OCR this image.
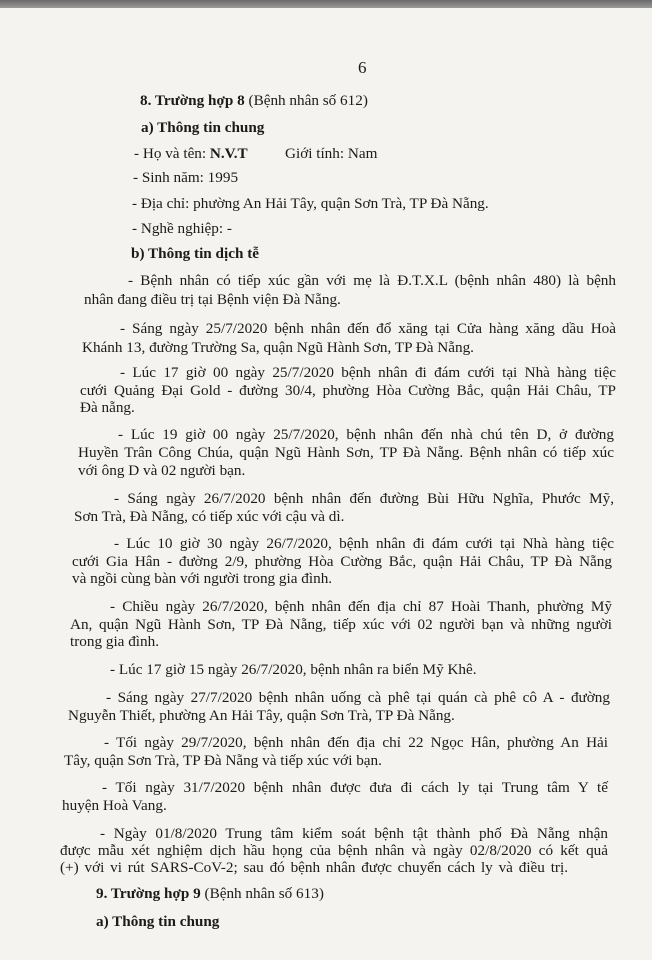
6
8. Trường hợp 8 (Bệnh nhân số 612)
a) Thông tin chung
- Họ và tên: N.V.T Giới tính: Nam
- Sinh năm: 1995
- Địa chỉ: phường An Hải Tây, quận Sơn Trà, TP Đà Nẵng.
- Nghề nghiệp: -
b) Thông tin dịch tễ
- Bệnh nhân có tiếp xúc gần với mẹ là Đ.T.X.L (bệnh nhân 480) là bệnh
nhân đang điều trị tại Bệnh viện Đà Nẵng.
- Sáng ngày 25/7/2020 bệnh nhân đến đổ xăng tại Cửa hàng xăng dầu Hoà
Khánh 13, đường Trường Sa, quận Ngũ Hành Sơn, TP Đà Nẵng.
- Lúc 17 giờ 00 ngày 25/7/2020 bệnh nhân đi đám cưới tại Nhà hàng tiệc
cưới Quảng Đại Gold - đường 30/4, phường Hòa Cường Bắc, quận Hải Châu, TP
Đà nẵng.
- Lúc 19 giờ 00 ngày 25/7/2020, bệnh nhân đến nhà chú tên D, ở đường
Huyền Trân Công Chúa, quận Ngũ Hành Sơn, TP Đà Nẵng. Bệnh nhân có tiếp xúc
với ông D và 02 người bạn.
- Sáng ngày 26/7/2020 bệnh nhân đến đường Bùi Hữu Nghĩa, Phước Mỹ,
Sơn Trà, Đà Nẵng, có tiếp xúc với cậu và dì.
- Lúc 10 giờ 30 ngày 26/7/2020, bệnh nhân đi đám cưới tại Nhà hàng tiệc
cưới Gia Hân - đường 2/9, phường Hòa Cường Bắc, quận Hải Châu, TP Đà Nẵng
và ngồi cùng bàn với người trong gia đình.
- Chiều ngày 26/7/2020, bệnh nhân đến địa chỉ 87 Hoài Thanh, phường Mỹ
An, quận Ngũ Hành Sơn, TP Đà Nẵng, tiếp xúc với 02 người bạn và những người
trong gia đình.
- Lúc 17 giờ 15 ngày 26/7/2020, bệnh nhân ra biển Mỹ Khê.
- Sáng ngày 27/7/2020 bệnh nhân uống cà phê tại quán cà phê cô A - đường
Nguyễn Thiết, phường An Hải Tây, quận Sơn Trà, TP Đà Nẵng.
- Tối ngày 29/7/2020, bệnh nhân đến địa chỉ 22 Ngọc Hân, phường An Hải
Tây, quận Sơn Trà, TP Đà Nẵng và tiếp xúc với bạn.
- Tối ngày 31/7/2020 bệnh nhân được đưa đi cách ly tại Trung tâm Y tế
huyện Hoà Vang.
- Ngày 01/8/2020 Trung tâm kiểm soát bệnh tật thành phố Đà Nẵng nhận
được mẫu xét nghiệm dịch hầu họng của bệnh nhân và ngày 02/8/2020 có kết quả
(+) với vi rút SARS-CoV-2; sau đó bệnh nhân được chuyển cách ly và điều trị.
9. Trường hợp 9 (Bệnh nhân số 613)
a) Thông tin chung
